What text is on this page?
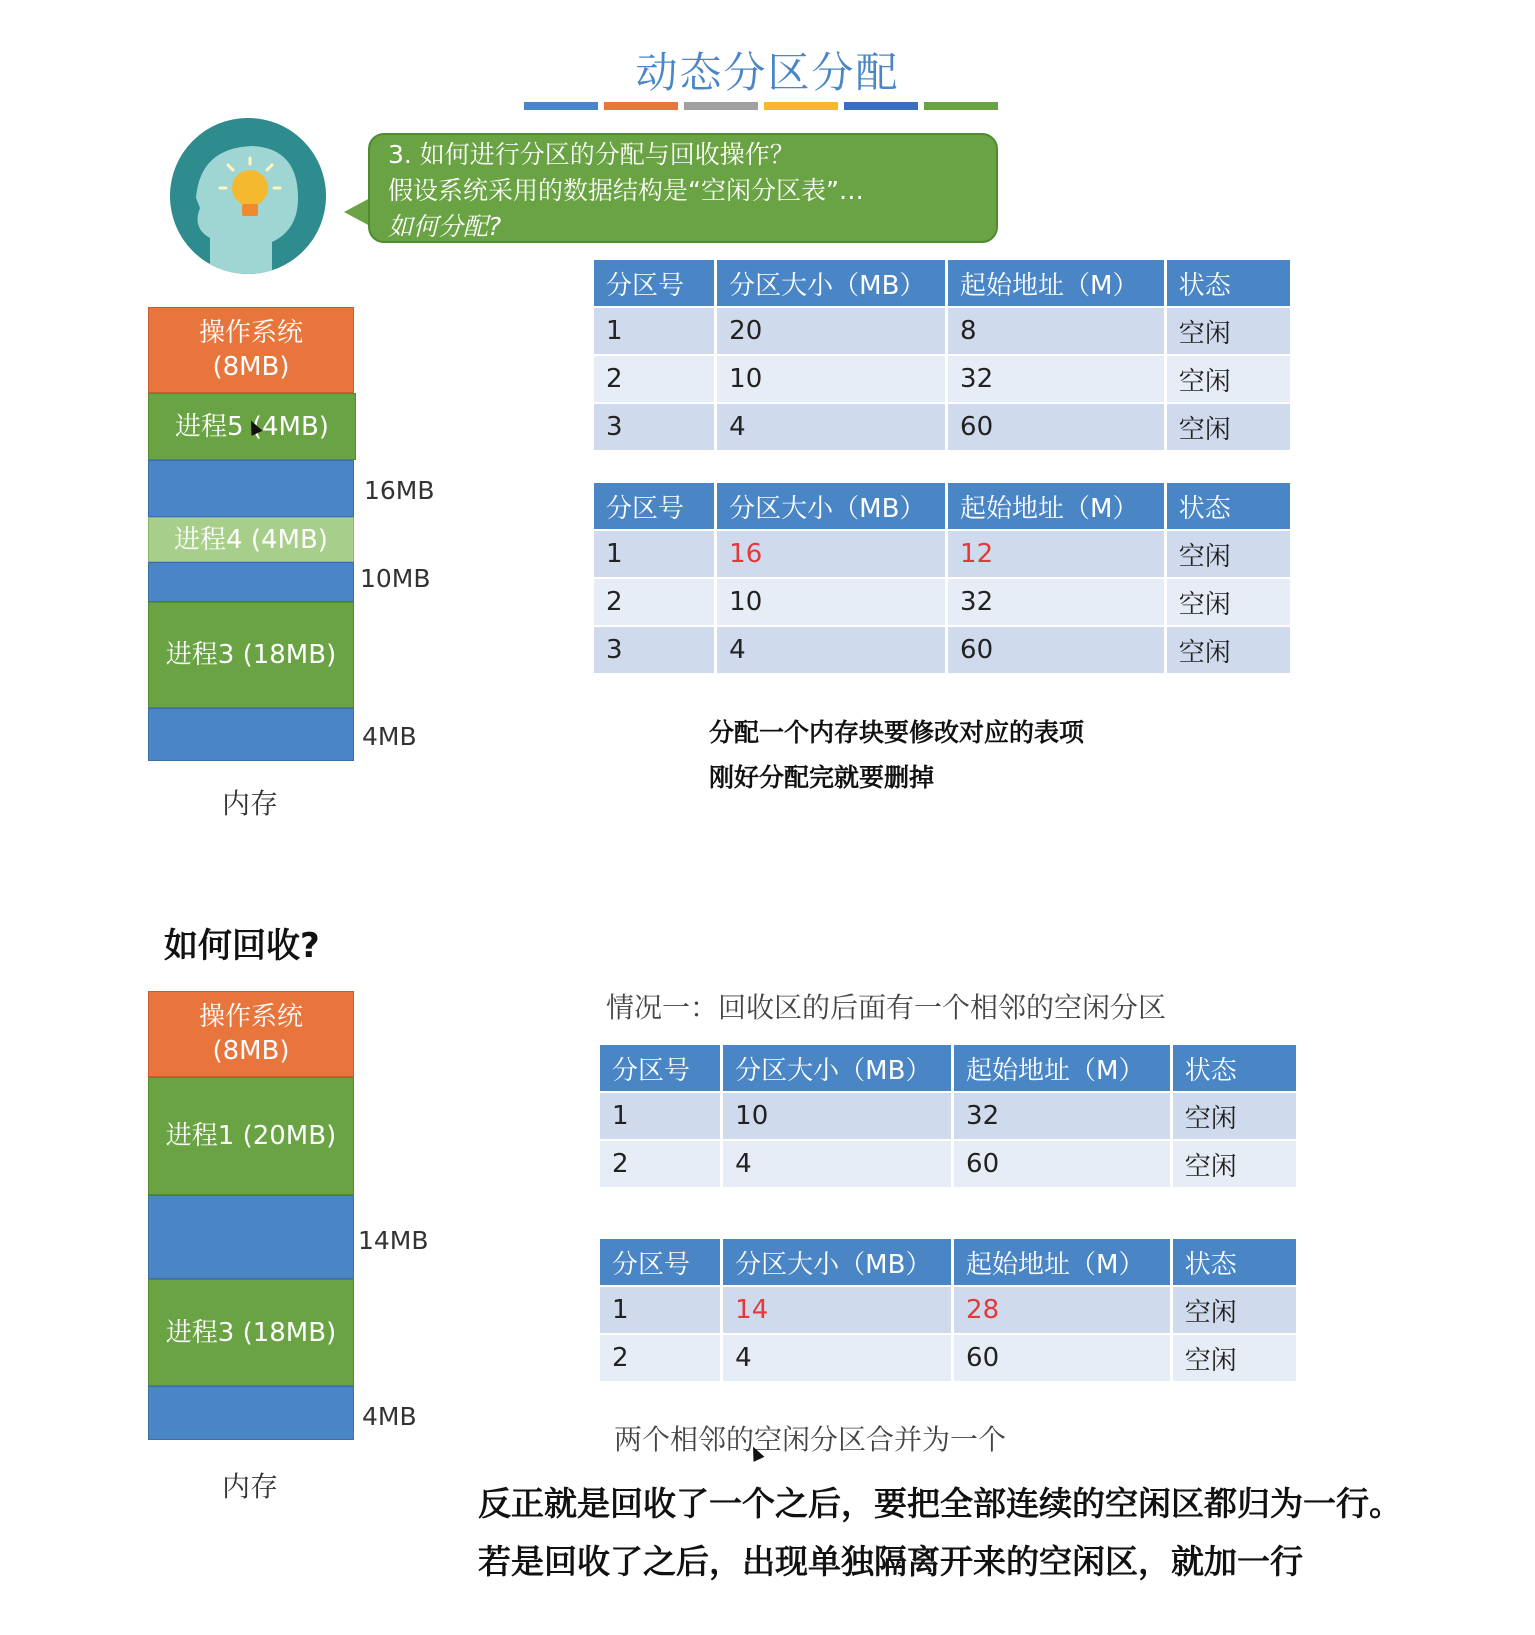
动态分区分配
3. 如何进行分区的分配与回收操作？
假设系统采用的数据结构是“空闲分区表”…
如何分配?
操作系统
(8MB)
进程5 (4MB)
进程4 (4MB)
进程3 (18MB)
16MB
10MB
4MB
内存
分区号	分区大小（MB）	起始地址（M）	状态
1	20	8	空闲
2	10	32	空闲
3	4	60	空闲
分区号	分区大小（MB）	起始地址（M）	状态
1	16	12	空闲
2	10	32	空闲
3	4	60	空闲
分配一个内存块要修改对应的表项
刚好分配完就要删掉
如何回收?
操作系统
(8MB)
进程1 (20MB)
进程3 (18MB)
14MB
4MB
内存
情况一：回收区的后面有一个相邻的空闲分区
分区号	分区大小（MB）	起始地址（M）	状态
1	10	32	空闲
2	4	60	空闲
分区号	分区大小（MB）	起始地址（M）	状态
1	14	28	空闲
2	4	60	空闲
两个相邻的空闲分区合并为一个
反正就是回收了一个之后，要把全部连续的空闲区都归为一行。
若是回收了之后，出现单独隔离开来的空闲区，就加一行
